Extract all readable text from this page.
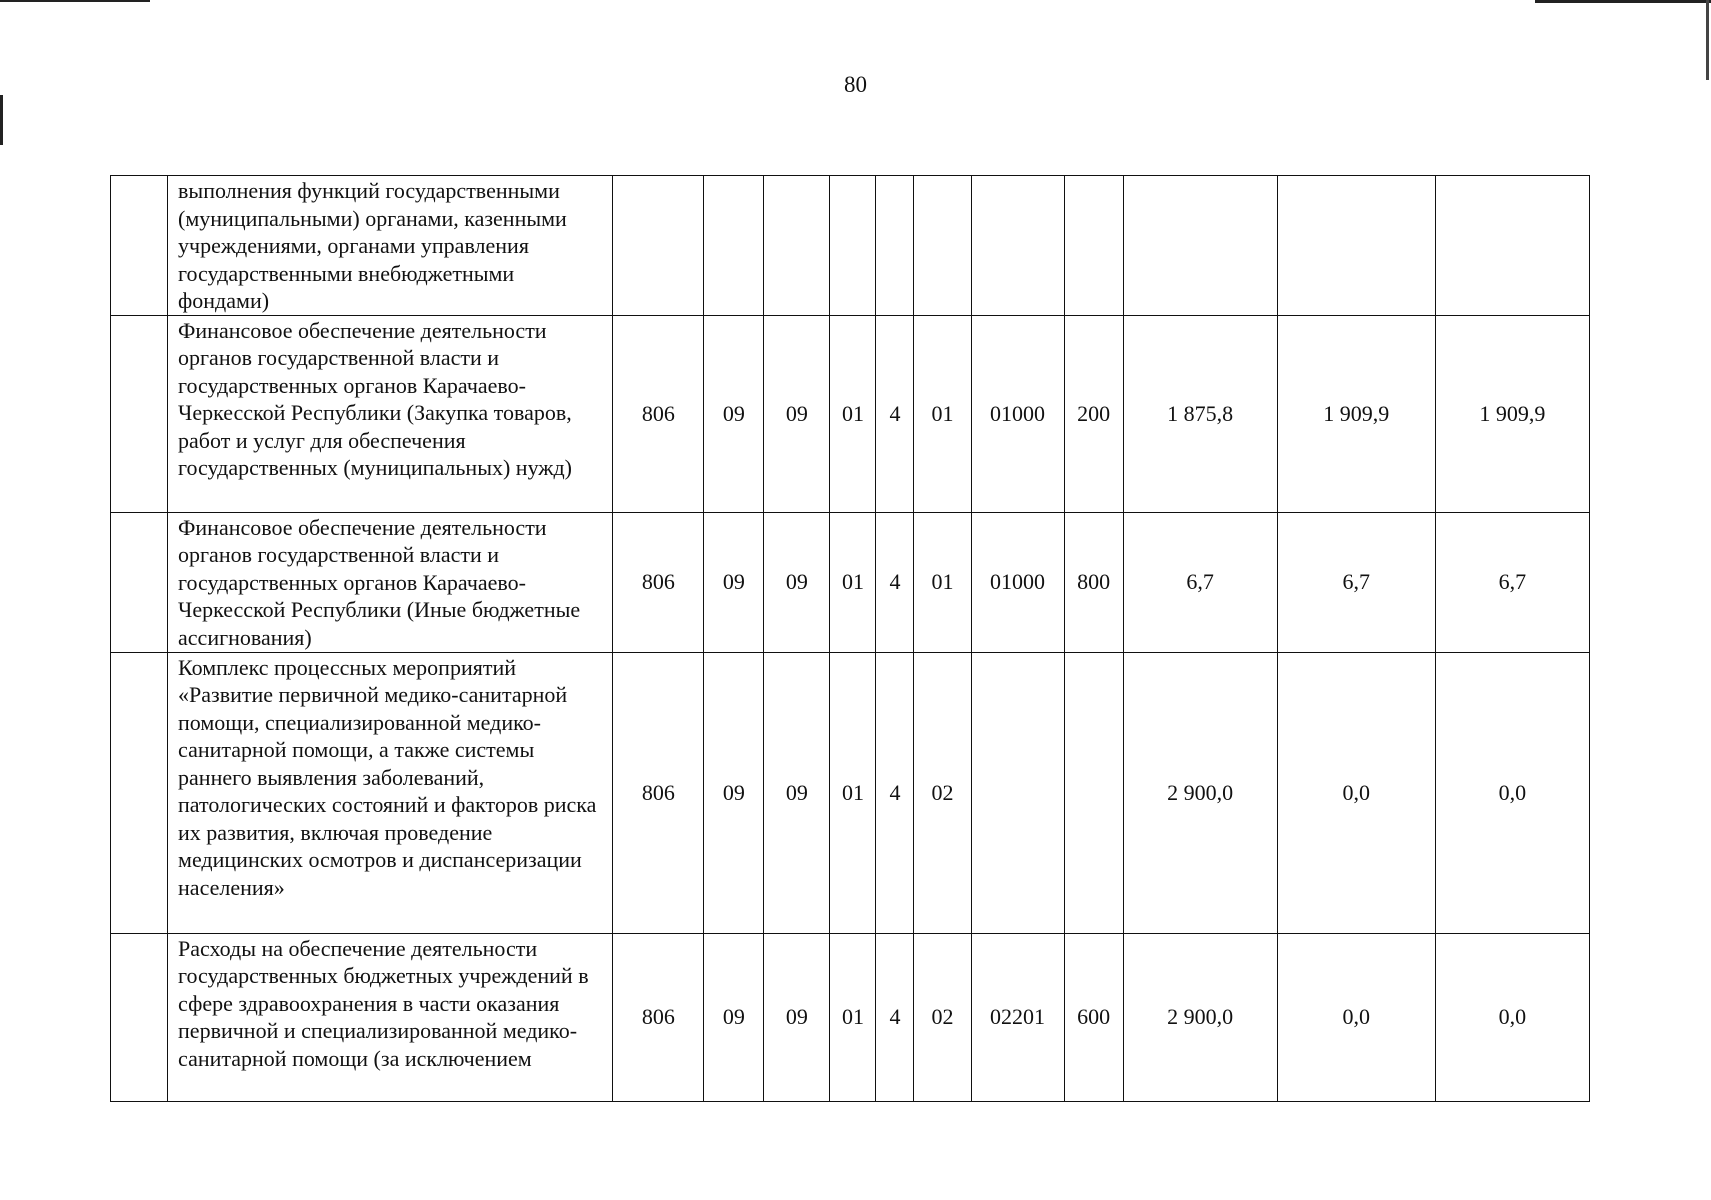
80
	выполнения функций государственными (муниципальными) органами, казенными учреждениями, органами управления государственными внебюджетными фондами)											
	Финансовое обеспечение деятельности органов государственной власти и государственных органов Карачаево-Черкесской Республики (Закупка товаров, работ и услуг для обеспечения государственных (муниципальных) нужд)	806	09	09	01	4	01	01000	200	1 875,8	1 909,9	1 909,9
	Финансовое обеспечение деятельности органов государственной власти и государственных органов Карачаево-Черкесской Республики (Иные бюджетные ассигнования)	806	09	09	01	4	01	01000	800	6,7	6,7	6,7
	Комплекс процессных мероприятий «Развитие первичной медико-санитарной помощи, специализированной медико-санитарной помощи, а также системы раннего выявления заболеваний, патологических состояний и факторов риска их развития, включая проведение медицинских осмотров и диспансеризации населения»	806	09	09	01	4	02			2 900,0	0,0	0,0
	Расходы на обеспечение деятельности государственных бюджетных учреждений в сфере здравоохранения в части оказания первичной и специализированной медико-санитарной помощи (за исключением	806	09	09	01	4	02	02201	600	2 900,0	0,0	0,0
